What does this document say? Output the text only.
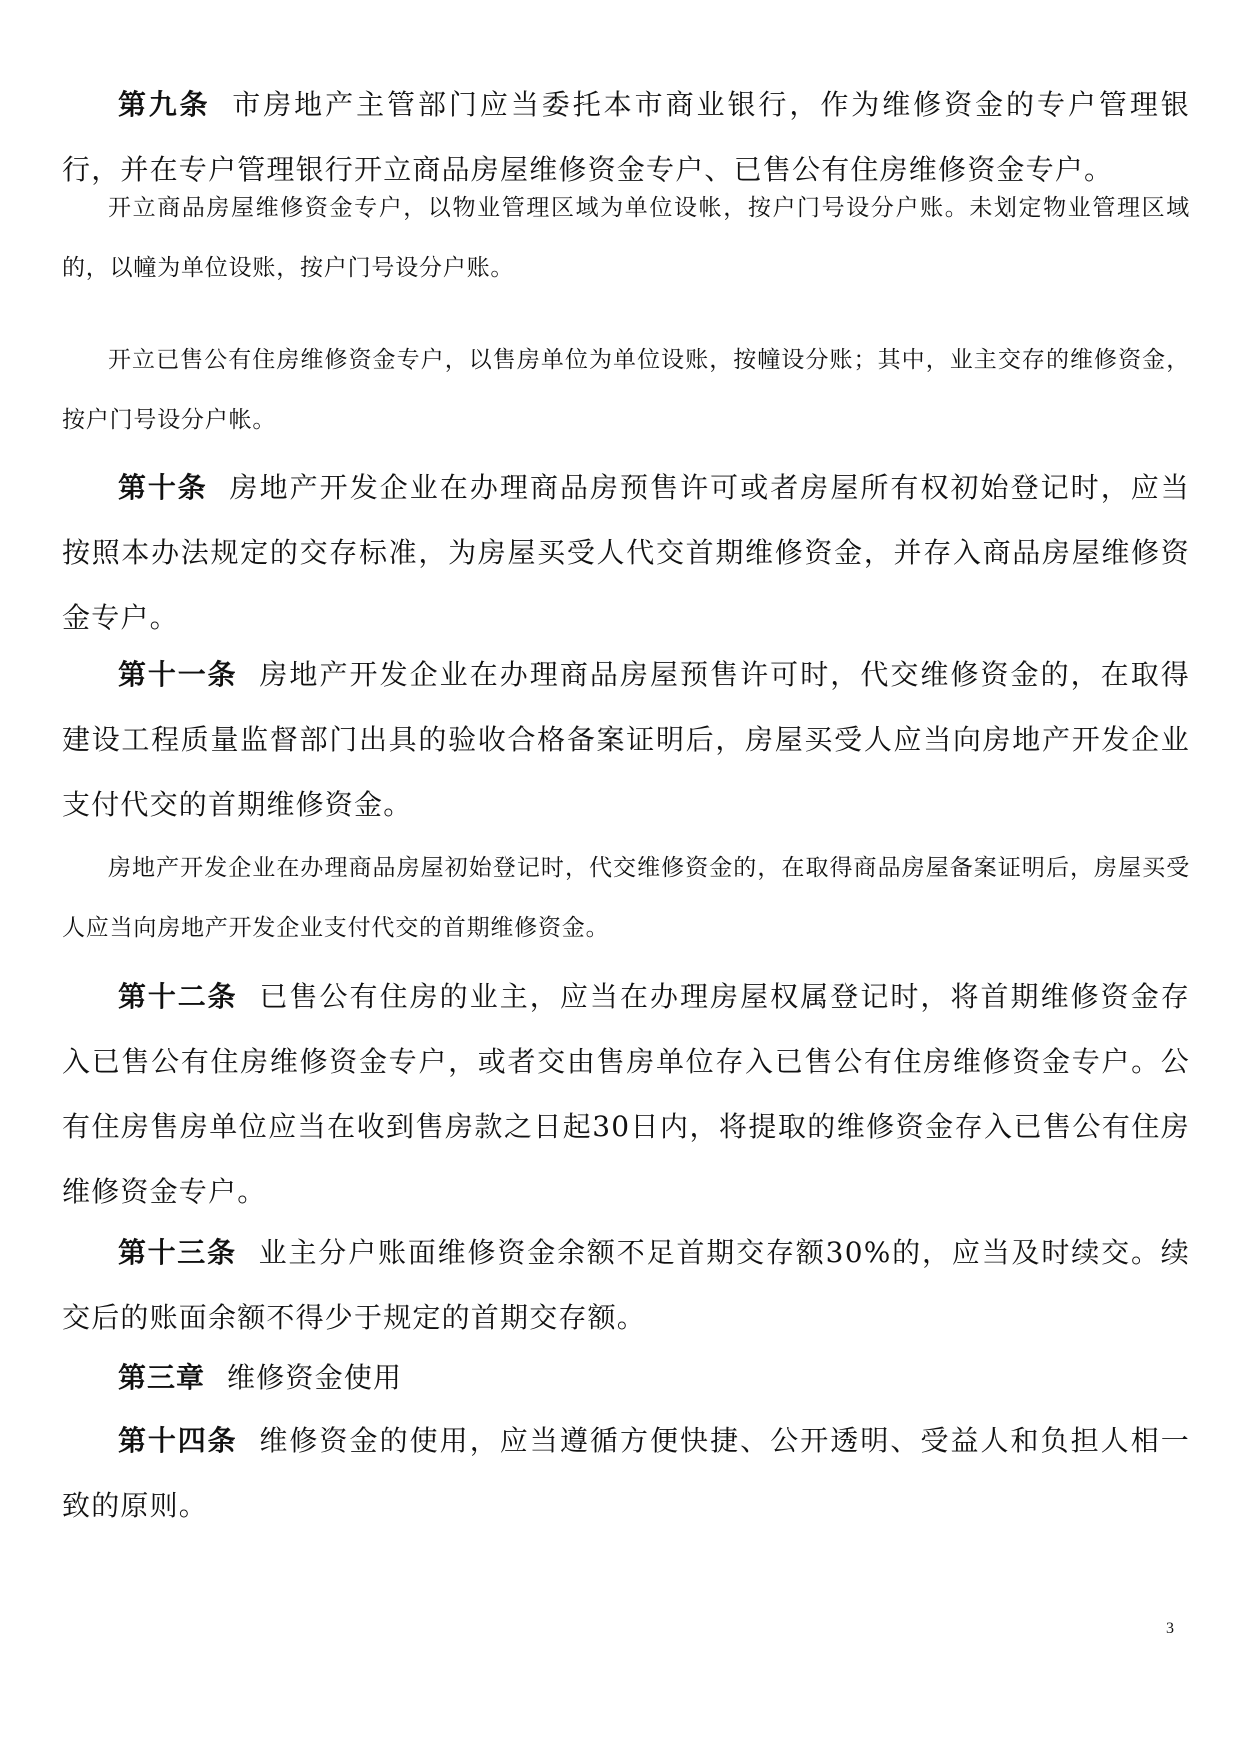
第九条 市房地产主管部门应当委托本市商业银行，作为维修资金的专户管理银行，并在专户管理银行开立商品房屋维修资金专户、已售公有住房维修资金专户。

开立商品房屋维修资金专户，以物业管理区域为单位设帐，按户门号设分户账。未划定物业管理区域的，以幢为单位设账，按户门号设分户账。

开立已售公有住房维修资金专户，以售房单位为单位设账，按幢设分账；其中，业主交存的维修资金，按户门号设分户帐。

第十条 房地产开发企业在办理商品房预售许可或者房屋所有权初始登记时，应当按照本办法规定的交存标准，为房屋买受人代交首期维修资金，并存入商品房屋维修资金专户。

第十一条 房地产开发企业在办理商品房屋预售许可时，代交维修资金的，在取得建设工程质量监督部门出具的验收合格备案证明后，房屋买受人应当向房地产开发企业支付代交的首期维修资金。

房地产开发企业在办理商品房屋初始登记时，代交维修资金的，在取得商品房屋备案证明后，房屋买受人应当向房地产开发企业支付代交的首期维修资金。

第十二条 已售公有住房的业主，应当在办理房屋权属登记时，将首期维修资金存入已售公有住房维修资金专户，或者交由售房单位存入已售公有住房维修资金专户。公有住房售房单位应当在收到售房款之日起30日内，将提取的维修资金存入已售公有住房维修资金专户。

第十三条 业主分户账面维修资金余额不足首期交存额30%的，应当及时续交。续交后的账面余额不得少于规定的首期交存额。

第三章 维修资金使用

第十四条 维修资金的使用，应当遵循方便快捷、公开透明、受益人和负担人相一致的原则。

3
